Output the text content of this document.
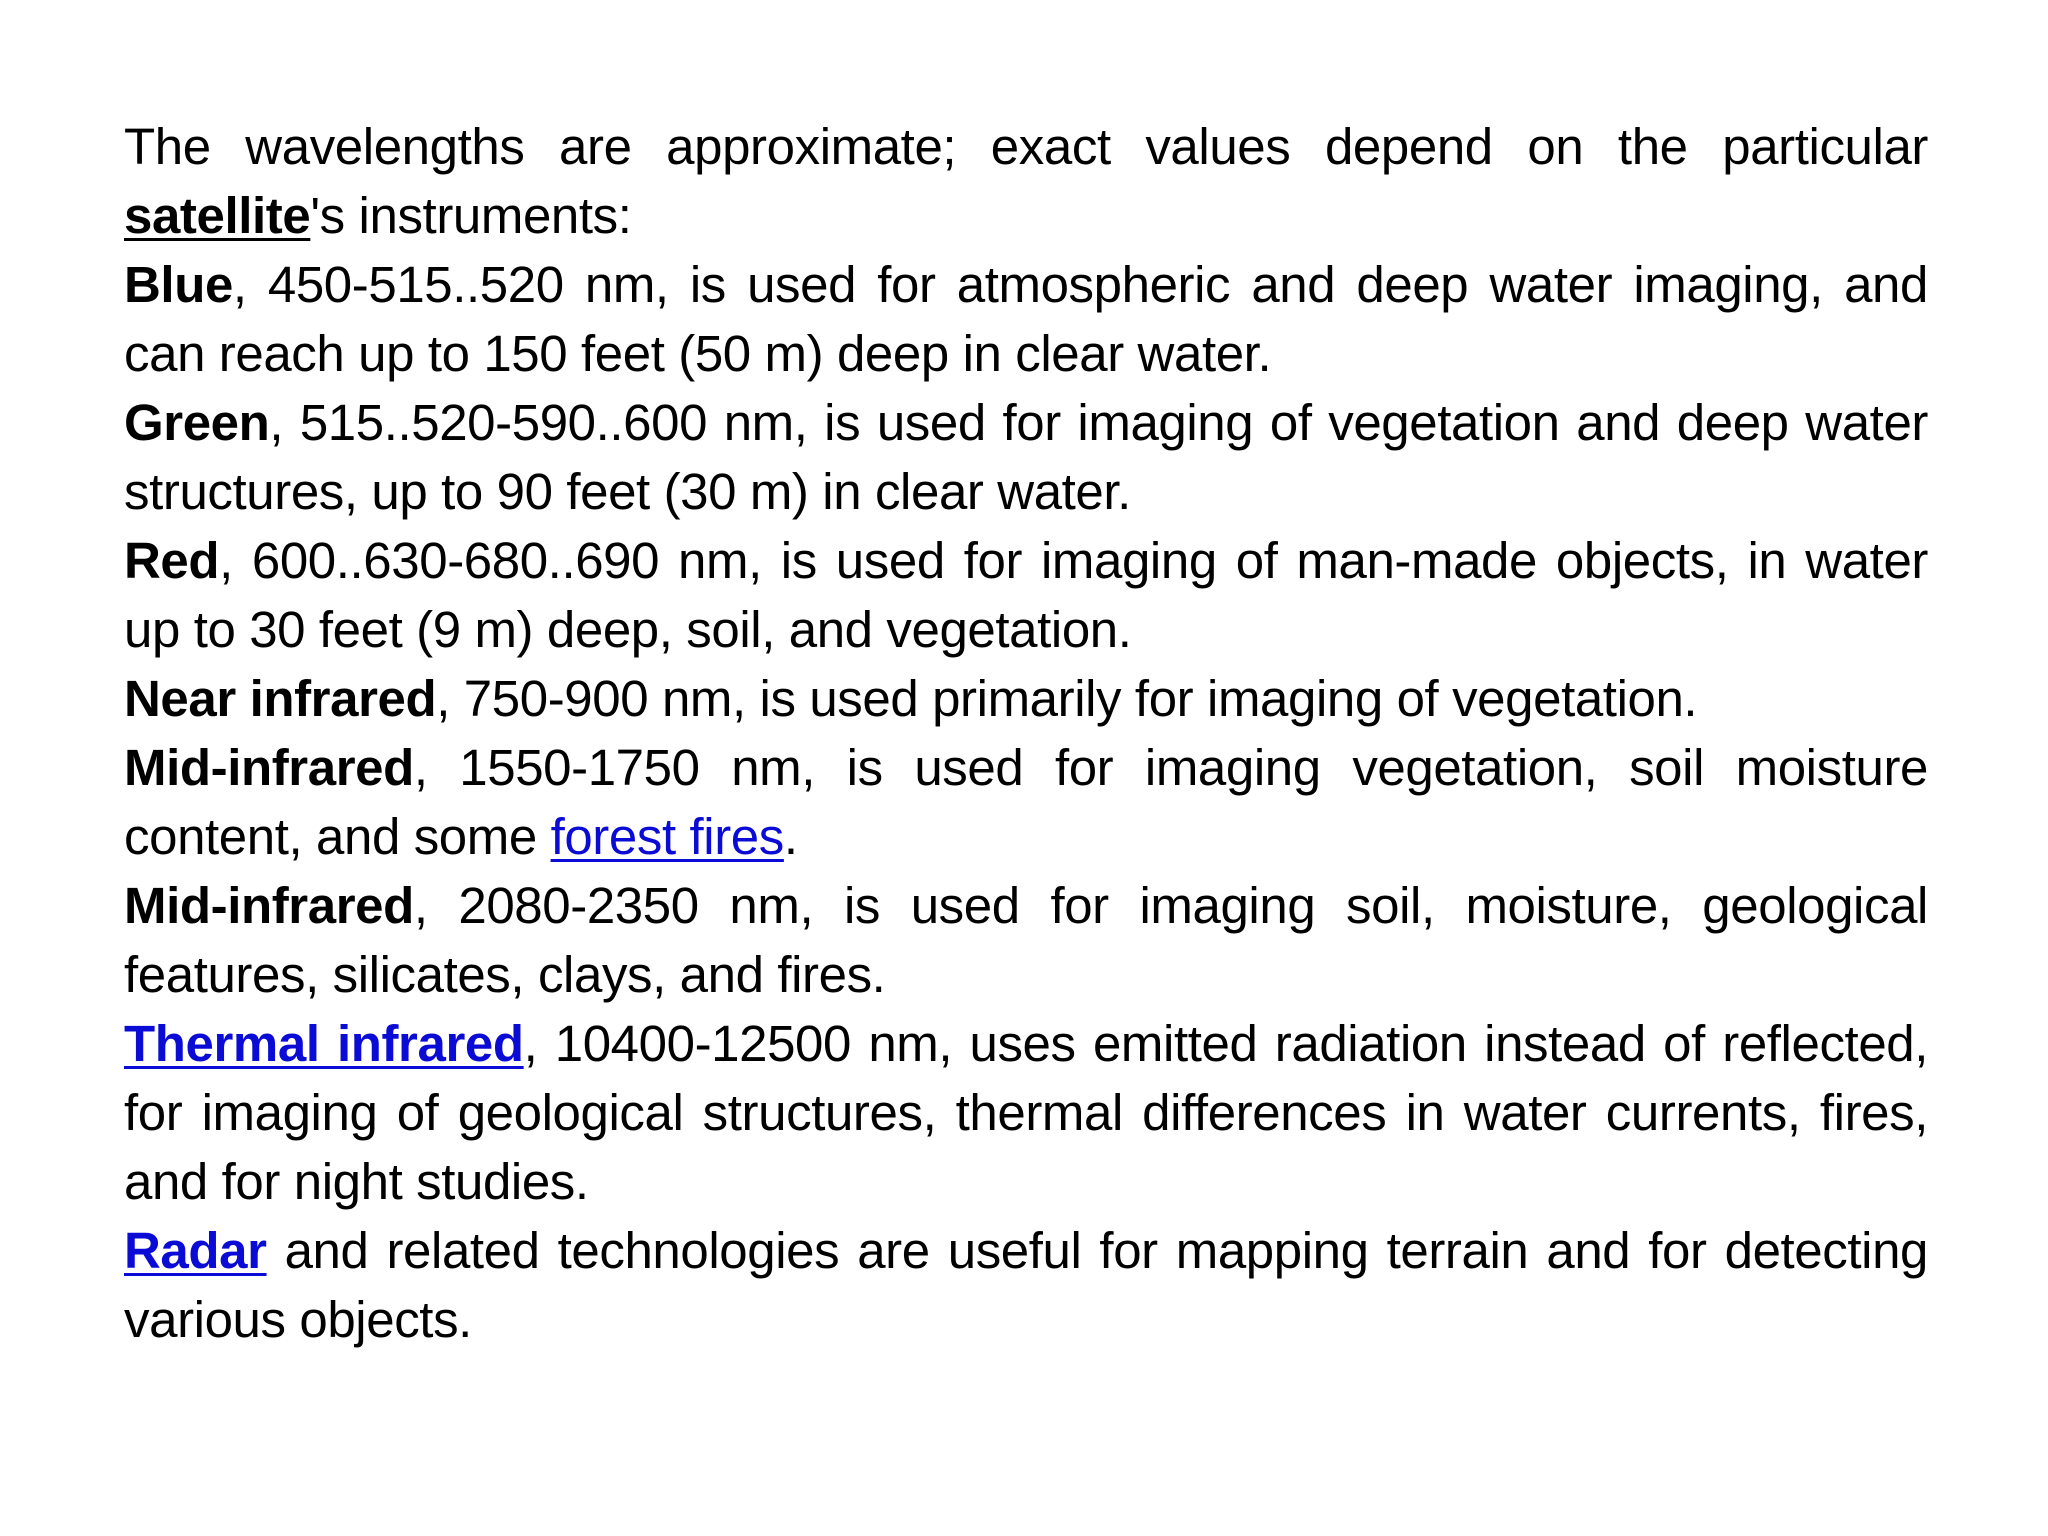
The wavelengths are approximate; exact values depend on the particular satellite's instruments:

Blue, 450-515..520 nm, is used for atmospheric and deep water imaging, and can reach up to 150 feet (50 m) deep in clear water.

Green, 515..520-590..600 nm, is used for imaging of vegetation and deep water structures, up to 90 feet (30 m) in clear water.

Red, 600..630-680..690 nm, is used for imaging of man-made objects, in water up to 30 feet (9 m) deep, soil, and vegetation.

Near infrared, 750-900 nm, is used primarily for imaging of vegetation.

Mid-infrared, 1550-1750 nm, is used for imaging vegetation, soil moisture content, and some forest fires.

Mid-infrared, 2080-2350 nm, is used for imaging soil, moisture, geological features, silicates, clays, and fires.

Thermal infrared, 10400-12500 nm, uses emitted radiation instead of reflected, for imaging of geological structures, thermal differences in water currents, fires, and for night studies.

Radar and related technologies are useful for mapping terrain and for detecting various objects.
